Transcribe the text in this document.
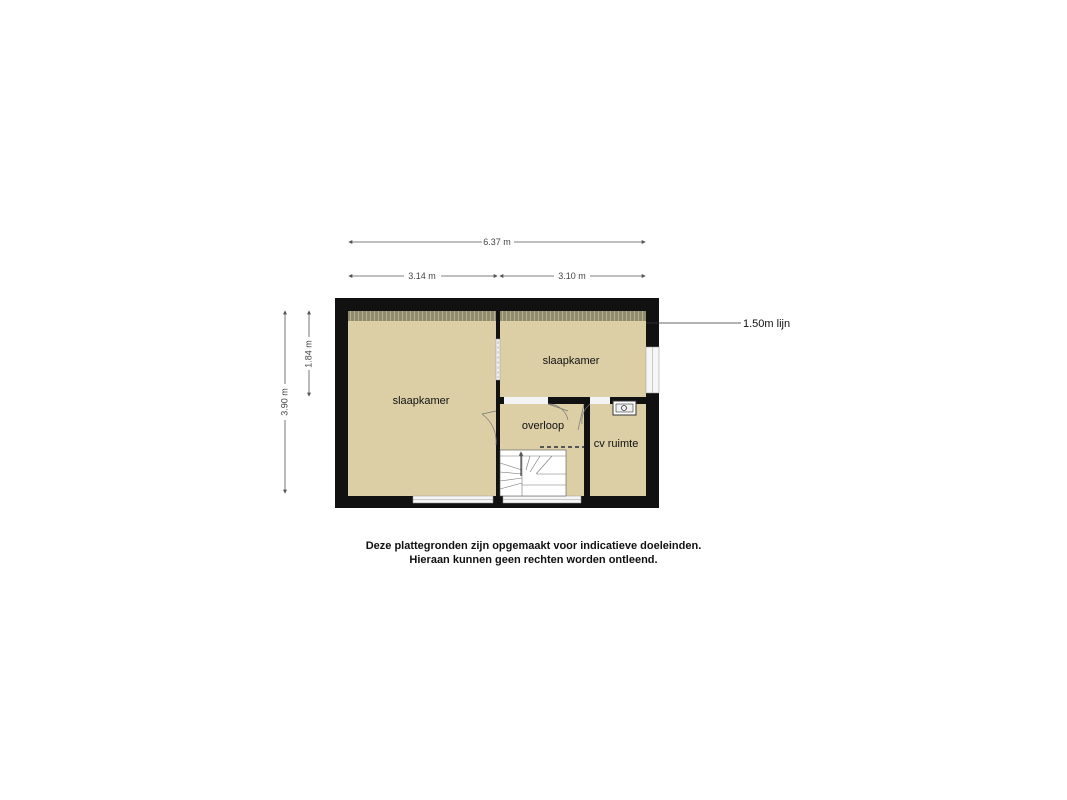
6.37 m
3.14 m	3.10 m
3.90 m
1.84 m
1.50m lijn
slaapkamer
slaapkamer
overloop
cv ruimte
Deze plattegronden zijn opgemaakt voor indicatieve doeleinden.
Hieraan kunnen geen rechten worden ontleend.
